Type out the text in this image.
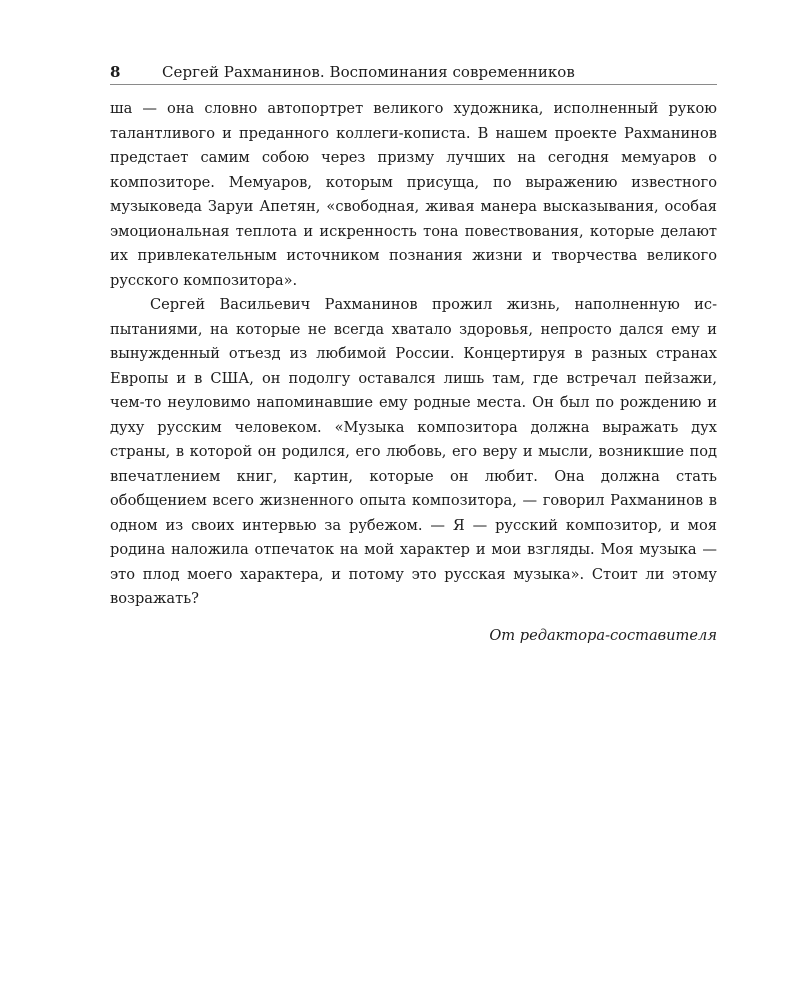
8	Сергей Рахманинов. Воспоминания современников

ша — она словно автопортрет великого художника, исполненный рукою талантливого и преданного коллеги-кописта. В нашем проекте Рахманинов предстает самим собою через призму лучших на сегодня мемуаров о композиторе. Мемуаров, которым присуща, по выражению известного музыковеда Заруи Апетян, «свободная, живая манера высказывания, особая эмоциональная теплота и искренность тона повествования, которые делают их привлекательным источником познания жизни и творчества великого русского композитора».

Сергей Васильевич Рахманинов прожил жизнь, наполненную испытаниями, на которые не всегда хватало здоровья, непросто дался ему и вынужденный отъезд из любимой России. Концертируя в разных странах Европы и в США, он подолгу оставался лишь там, где встречал пейзажи, чем-то неуловимо напоминавшие ему родные места. Он был по рождению и духу русским человеком. «Музыка композитора должна выражать дух страны, в которой он родился, его любовь, его веру и мысли, возникшие под впечатлением книг, картин, которые он любит. Она должна стать обобщением всего жизненного опыта композитора, — говорил Рахманинов в одном из своих интервью за рубежом. — Я — русский композитор, и моя родина наложила отпечаток на мой характер и мои взгляды. Моя музыка — это плод моего характера, и потому это русская музыка». Стоит ли этому возражать?

От редактора-составителя
